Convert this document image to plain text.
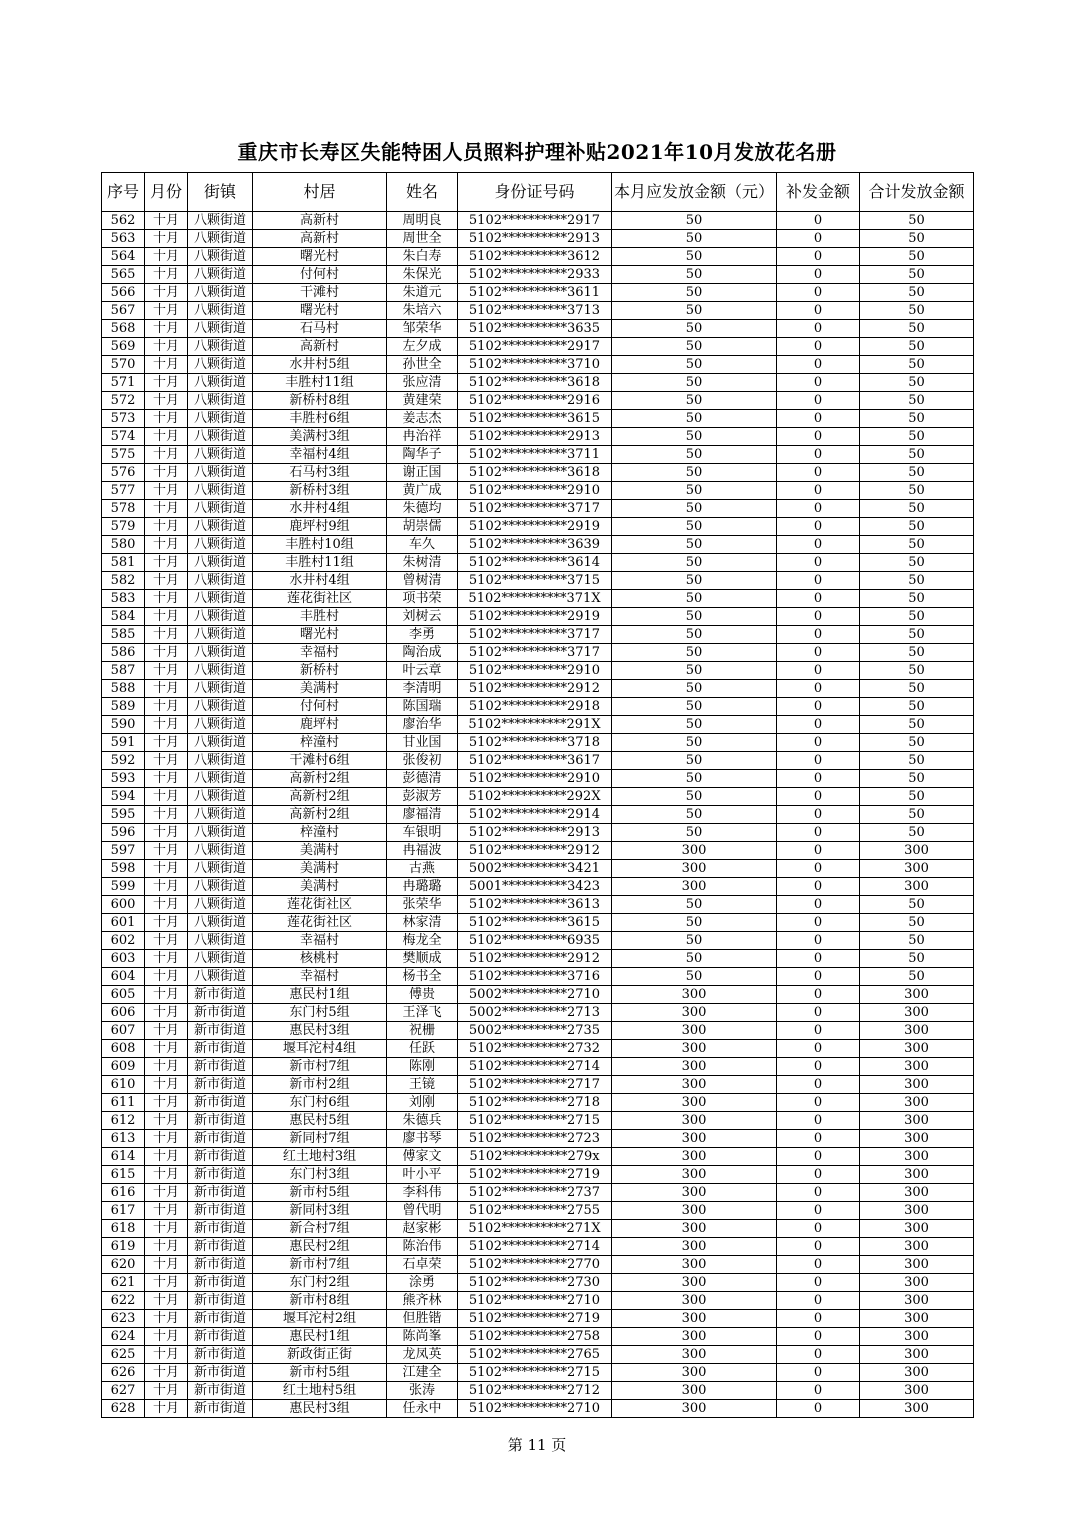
重庆市长寿区失能特困人员照料护理补贴2021年10月发放花名册
序号	月份	街镇	村居	姓名	身份证号码	本月应发放金额（元）	补发金额	合计发放金额
562	十月	八颗街道	高新村	周明良	5102**********2917	50	0	50
563	十月	八颗街道	高新村	周世全	5102**********2913	50	0	50
564	十月	八颗街道	曙光村	朱白寿	5102**********3612	50	0	50
565	十月	八颗街道	付何村	朱保光	5102**********2933	50	0	50
566	十月	八颗街道	干滩村	朱道元	5102**********3611	50	0	50
567	十月	八颗街道	曙光村	朱培六	5102**********3713	50	0	50
568	十月	八颗街道	石马村	邹荣华	5102**********3635	50	0	50
569	十月	八颗街道	高新村	左夕成	5102**********2917	50	0	50
570	十月	八颗街道	水井村5组	孙世全	5102**********3710	50	0	50
571	十月	八颗街道	丰胜村11组	张应清	5102**********3618	50	0	50
572	十月	八颗街道	新桥村8组	黄建荣	5102**********2916	50	0	50
573	十月	八颗街道	丰胜村6组	姜志杰	5102**********3615	50	0	50
574	十月	八颗街道	美满村3组	冉治祥	5102**********2913	50	0	50
575	十月	八颗街道	幸福村4组	陶华子	5102**********3711	50	0	50
576	十月	八颗街道	石马村3组	谢正国	5102**********3618	50	0	50
577	十月	八颗街道	新桥村3组	黄广成	5102**********2910	50	0	50
578	十月	八颗街道	水井村4组	朱德均	5102**********3717	50	0	50
579	十月	八颗街道	鹿坪村9组	胡崇儒	5102**********2919	50	0	50
580	十月	八颗街道	丰胜村10组	车久	5102**********3639	50	0	50
581	十月	八颗街道	丰胜村11组	朱树清	5102**********3614	50	0	50
582	十月	八颗街道	水井村4组	曾树清	5102**********3715	50	0	50
583	十月	八颗街道	莲花街社区	项书荣	5102**********371X	50	0	50
584	十月	八颗街道	丰胜村	刘树云	5102**********2919	50	0	50
585	十月	八颗街道	曙光村	李勇	5102**********3717	50	0	50
586	十月	八颗街道	幸福村	陶治成	5102**********3717	50	0	50
587	十月	八颗街道	新桥村	叶云章	5102**********2910	50	0	50
588	十月	八颗街道	美满村	李清明	5102**********2912	50	0	50
589	十月	八颗街道	付何村	陈国瑞	5102**********2918	50	0	50
590	十月	八颗街道	鹿坪村	廖治华	5102**********291X	50	0	50
591	十月	八颗街道	梓潼村	甘业国	5102**********3718	50	0	50
592	十月	八颗街道	干滩村6组	张俊初	5102**********3617	50	0	50
593	十月	八颗街道	高新村2组	彭德清	5102**********2910	50	0	50
594	十月	八颗街道	高新村2组	彭淑芳	5102**********292X	50	0	50
595	十月	八颗街道	高新村2组	廖福清	5102**********2914	50	0	50
596	十月	八颗街道	梓潼村	车银明	5102**********2913	50	0	50
597	十月	八颗街道	美满村	冉福波	5102**********2912	300	0	300
598	十月	八颗街道	美满村	古燕	5002**********3421	300	0	300
599	十月	八颗街道	美满村	冉璐璐	5001**********3423	300	0	300
600	十月	八颗街道	莲花街社区	张荣华	5102**********3613	50	0	50
601	十月	八颗街道	莲花街社区	林家清	5102**********3615	50	0	50
602	十月	八颗街道	幸福村	梅龙全	5102**********6935	50	0	50
603	十月	八颗街道	核桃村	樊顺成	5102**********2912	50	0	50
604	十月	八颗街道	幸福村	杨书全	5102**********3716	50	0	50
605	十月	新市街道	惠民村1组	傅贵	5002**********2710	300	0	300
606	十月	新市街道	东门村5组	王泽飞	5002**********2713	300	0	300
607	十月	新市街道	惠民村3组	祝栅	5002**********2735	300	0	300
608	十月	新市街道	堰耳沱村4组	任跃	5102**********2732	300	0	300
609	十月	新市街道	新市村7组	陈刚	5102**********2714	300	0	300
610	十月	新市街道	新市村2组	王镜	5102**********2717	300	0	300
611	十月	新市街道	东门村6组	刘刚	5102**********2718	300	0	300
612	十月	新市街道	惠民村5组	朱德兵	5102**********2715	300	0	300
613	十月	新市街道	新同村7组	廖书琴	5102**********2723	300	0	300
614	十月	新市街道	红土地村3组	傅家文	5102**********279x	300	0	300
615	十月	新市街道	东门村3组	叶小平	5102**********2719	300	0	300
616	十月	新市街道	新市村5组	李科伟	5102**********2737	300	0	300
617	十月	新市街道	新同村3组	曾代明	5102**********2755	300	0	300
618	十月	新市街道	新合村7组	赵家彬	5102**********271X	300	0	300
619	十月	新市街道	惠民村2组	陈治伟	5102**********2714	300	0	300
620	十月	新市街道	新市村7组	石卓荣	5102**********2770	300	0	300
621	十月	新市街道	东门村2组	涂勇	5102**********2730	300	0	300
622	十月	新市街道	新市村8组	熊齐林	5102**********2710	300	0	300
623	十月	新市街道	堰耳沱村2组	但胜锴	5102**********2719	300	0	300
624	十月	新市街道	惠民村1组	陈尚峯	5102**********2758	300	0	300
625	十月	新市街道	新政街正街	龙凤英	5102**********2765	300	0	300
626	十月	新市街道	新市村5组	江建全	5102**********2715	300	0	300
627	十月	新市街道	红土地村5组	张涛	5102**********2712	300	0	300
628	十月	新市街道	惠民村3组	任永中	5102**********2710	300	0	300
第 11 页
